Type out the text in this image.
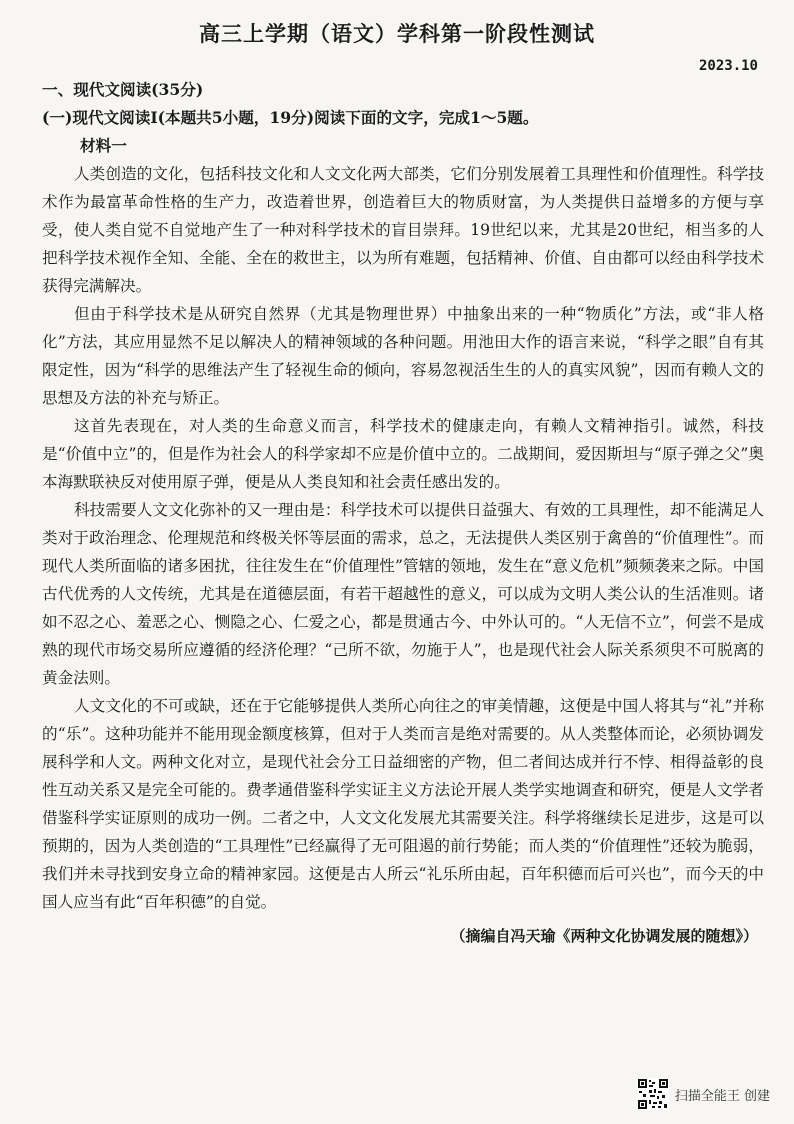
高三上学期（语文）学科第一阶段性测试
2023.10
一、现代文阅读(35分)
(一)现代文阅读Ⅰ(本题共5小题，19分)阅读下面的文字，完成1～5题。
材料一

人类创造的文化，包括科技文化和人文文化两大部类，它们分别发展着工具理性和价值理性。科学技术作为最富革命性格的生产力，改造着世界，创造着巨大的物质财富，为人类提供日益增多的方便与享受，使人类自觉不自觉地产生了一种对科学技术的盲目崇拜。19世纪以来，尤其是20世纪，相当多的人把科学技术视作全知、全能、全在的救世主，以为所有难题，包括精神、价值、自由都可以经由科学技术获得完满解决。

但由于科学技术是从研究自然界（尤其是物理世界）中抽象出来的一种“物质化”方法，或“非人格化”方法，其应用显然不足以解决人的精神领域的各种问题。用池田大作的语言来说，“科学之眼”自有其限定性，因为“科学的思维法产生了轻视生命的倾向，容易忽视活生生的人的真实风貌”，因而有赖人文的思想及方法的补充与矫正。

这首先表现在，对人类的生命意义而言，科学技术的健康走向，有赖人文精神指引。诚然，科技是“价值中立”的，但是作为社会人的科学家却不应是价值中立的。二战期间，爱因斯坦与“原子弹之父”奥本海默联袂反对使用原子弹，便是从人类良知和社会责任感出发的。

科技需要人文文化弥补的又一理由是：科学技术可以提供日益强大、有效的工具理性，却不能满足人类对于政治理念、伦理规范和终极关怀等层面的需求，总之，无法提供人类区别于禽兽的“价值理性”。而现代人类所面临的诸多困扰，往往发生在“价值理性”管辖的领地，发生在“意义危机”频频袭来之际。中国古代优秀的人文传统，尤其是在道德层面，有若干超越性的意义，可以成为文明人类公认的生活准则。诸如不忍之心、羞恶之心、恻隐之心、仁爱之心，都是贯通古今、中外认可的。“人无信不立”，何尝不是成熟的现代市场交易所应遵循的经济伦理？“己所不欲，勿施于人”，也是现代社会人际关系须臾不可脱离的黄金法则。

人文文化的不可或缺，还在于它能够提供人类所心向往之的审美情趣，这便是中国人将其与“礼”并称的“乐”。这种功能并不能用现金额度核算，但对于人类而言是绝对需要的。从人类整体而论，必须协调发展科学和人文。两种文化对立，是现代社会分工日益细密的产物，但二者间达成并行不悖、相得益彰的良性互动关系又是完全可能的。费孝通借鉴科学实证主义方法论开展人类学实地调查和研究，便是人文学者借鉴科学实证原则的成功一例。二者之中，人文文化发展尤其需要关注。科学将继续长足进步，这是可以预期的，因为人类创造的“工具理性”已经赢得了无可阻遏的前行势能；而人类的“价值理性”还较为脆弱，我们并未寻找到安身立命的精神家园。这便是古人所云“礼乐所由起，百年积德而后可兴也”，而今天的中国人应当有此“百年积德”的自觉。

（摘编自冯天瑜《两种文化协调发展的随想》）
扫描全能王 创建
